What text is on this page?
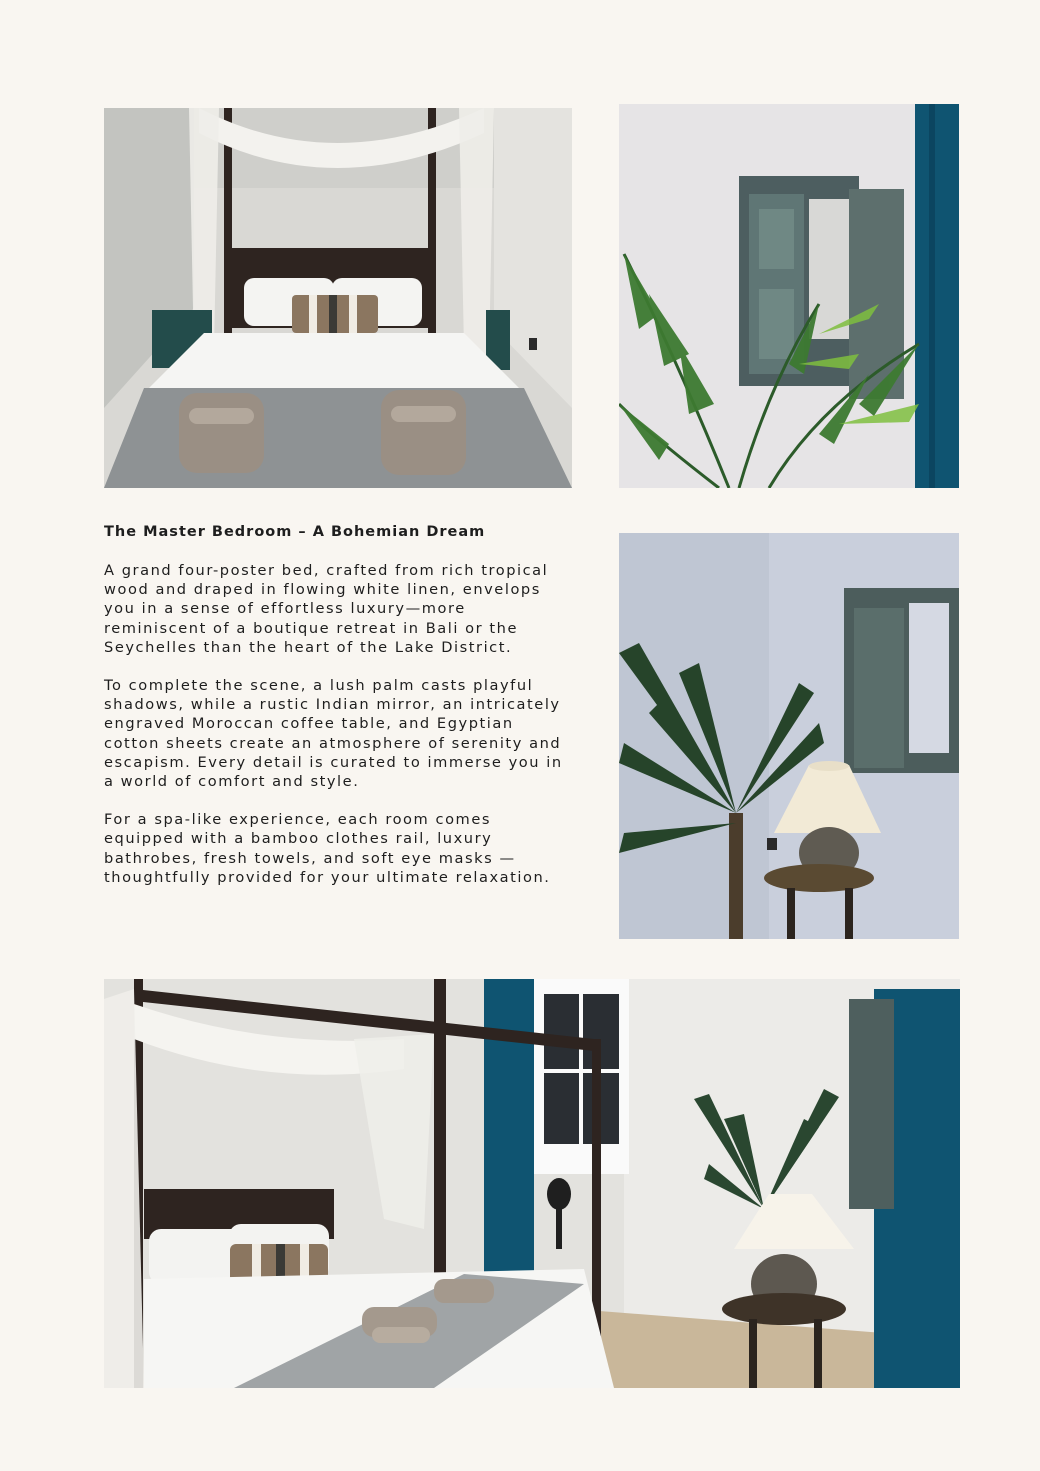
The Master Bedroom – A Bohemian Dream

A grand four-poster bed, crafted from rich tropical wood and draped in flowing white linen, envelops you in a sense of effortless luxury—more reminiscent of a boutique retreat in Bali or the Seychelles than the heart of the Lake District.

To complete the scene, a lush palm casts playful shadows, while a rustic Indian mirror, an intricately engraved Moroccan coffee table, and Egyptian cotton sheets create an atmosphere of serenity and escapism. Every detail is curated to immerse you in a world of comfort and style.

For a spa-like experience, each room comes equipped with a bamboo clothes rail, luxury bathrobes, fresh towels, and soft eye masks —thoughtfully provided for your ultimate relaxation.
